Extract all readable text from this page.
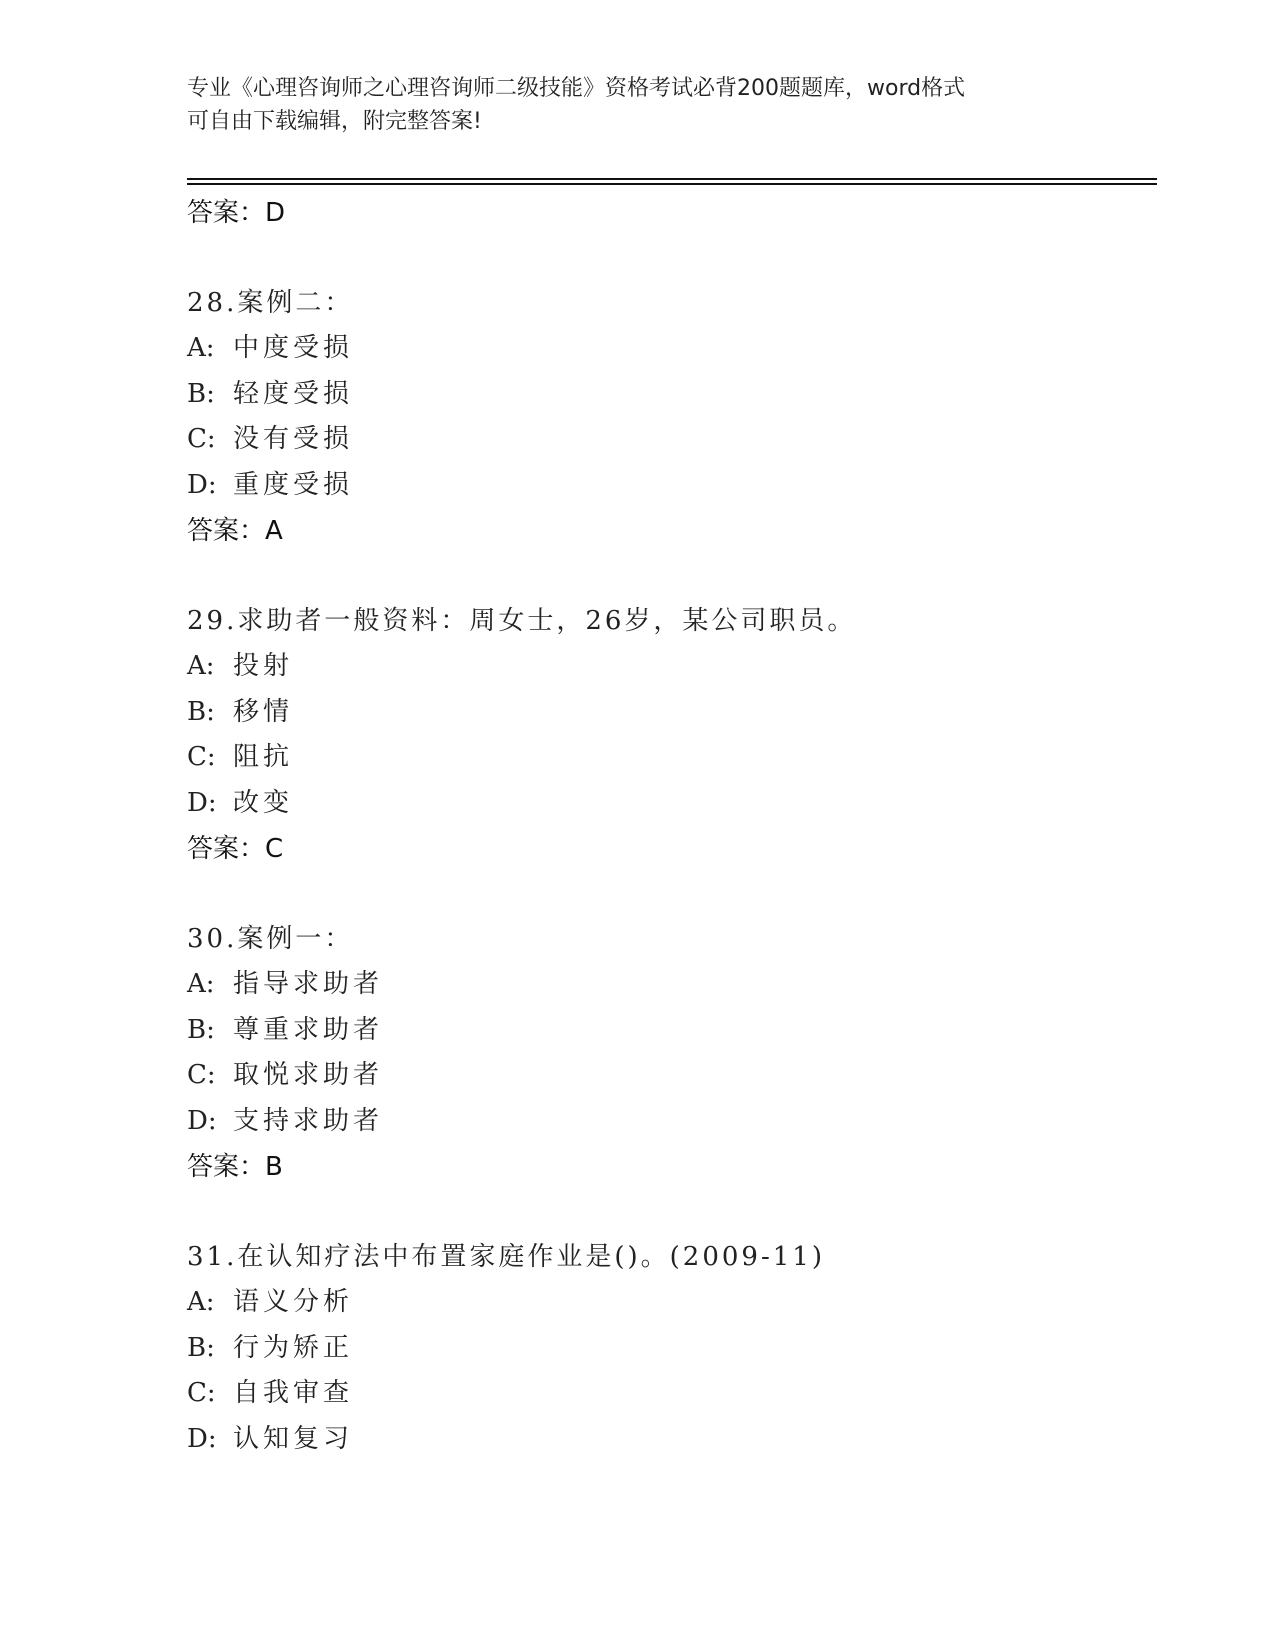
专业《心理咨询师之心理咨询师二级技能》资格考试必背200题题库，word格式
可自由下载编辑，附完整答案!
答案：D
28.案例二：
A: 中度受损
B: 轻度受损
C: 没有受损
D: 重度受损
答案：A
29.求助者一般资料：周女士，26岁，某公司职员。
A: 投射
B: 移情
C: 阻抗
D: 改变
答案：C
30.案例一：
A: 指导求助者
B: 尊重求助者
C: 取悦求助者
D: 支持求助者
答案：B
31.在认知疗法中布置家庭作业是()。(2009-11)
A: 语义分析
B: 行为矫正
C: 自我审查
D: 认知复习
